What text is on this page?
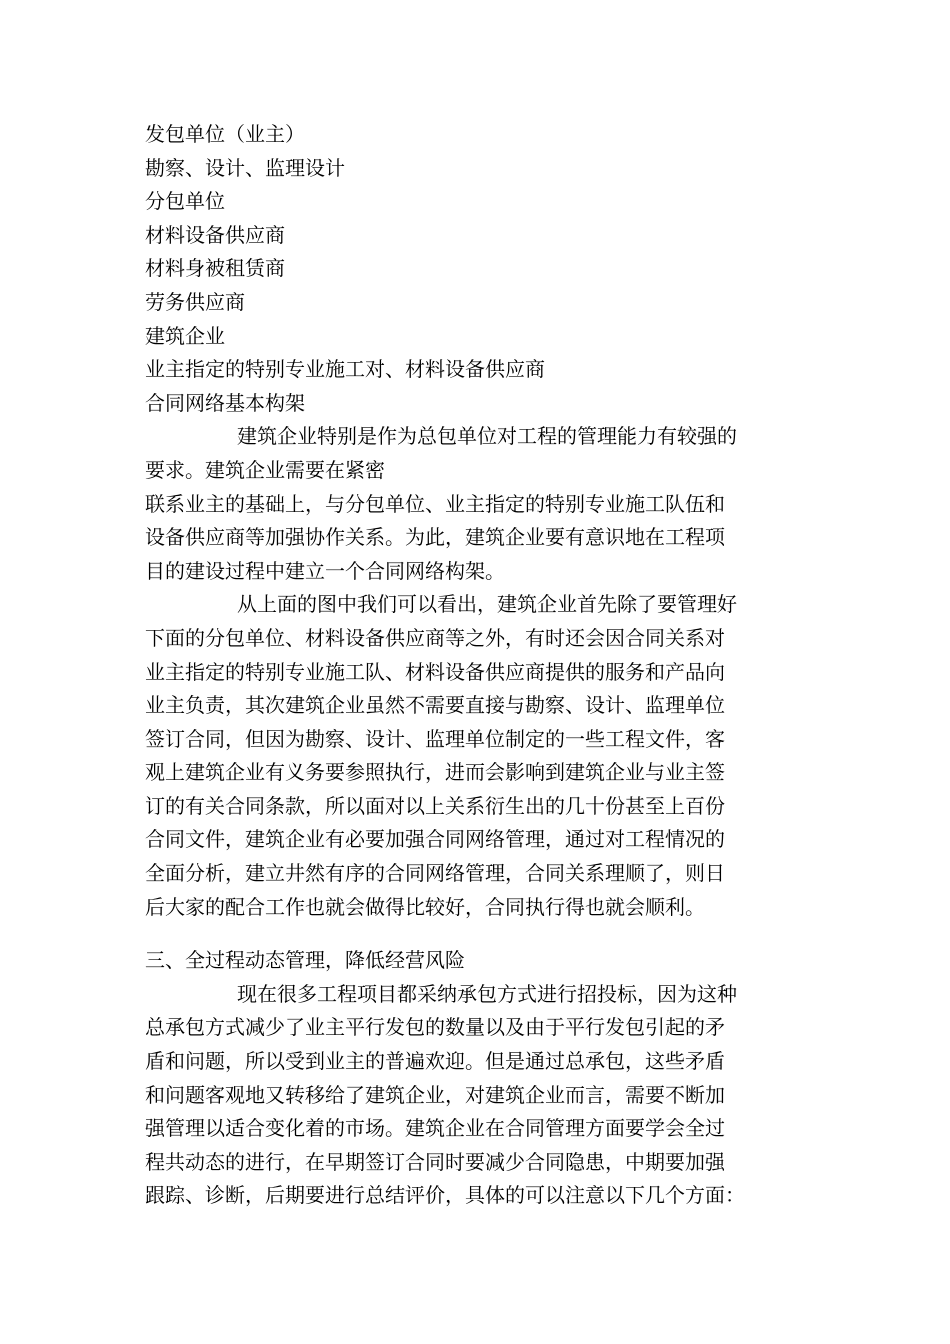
发包单位（业主）
勘察、设计、监理设计
分包单位
材料设备供应商
材料身被租赁商
劳务供应商
建筑企业
业主指定的特别专业施工对、材料设备供应商
合同网络基本构架
建筑企业特别是作为总包单位对工程的管理能力有较强的
要求。建筑企业需要在紧密
联系业主的基础上，与分包单位、业主指定的特别专业施工队伍和
设备供应商等加强协作关系。为此，建筑企业要有意识地在工程项
目的建设过程中建立一个合同网络构架。
从上面的图中我们可以看出，建筑企业首先除了要管理好
下面的分包单位、材料设备供应商等之外，有时还会因合同关系对
业主指定的特别专业施工队、材料设备供应商提供的服务和产品向
业主负责，其次建筑企业虽然不需要直接与勘察、设计、监理单位
签订合同，但因为勘察、设计、监理单位制定的一些工程文件，客
观上建筑企业有义务要参照执行，进而会影响到建筑企业与业主签
订的有关合同条款，所以面对以上关系衍生出的几十份甚至上百份
合同文件，建筑企业有必要加强合同网络管理，通过对工程情况的
全面分析，建立井然有序的合同网络管理，合同关系理顺了，则日
后大家的配合工作也就会做得比较好，合同执行得也就会顺利。
三、全过程动态管理，降低经营风险
现在很多工程项目都采纳承包方式进行招投标，因为这种
总承包方式减少了业主平行发包的数量以及由于平行发包引起的矛
盾和问题，所以受到业主的普遍欢迎。但是通过总承包，这些矛盾
和问题客观地又转移给了建筑企业，对建筑企业而言，需要不断加
强管理以适合变化着的市场。建筑企业在合同管理方面要学会全过
程共动态的进行，在早期签订合同时要减少合同隐患，中期要加强
跟踪、诊断，后期要进行总结评价，具体的可以注意以下几个方面：
